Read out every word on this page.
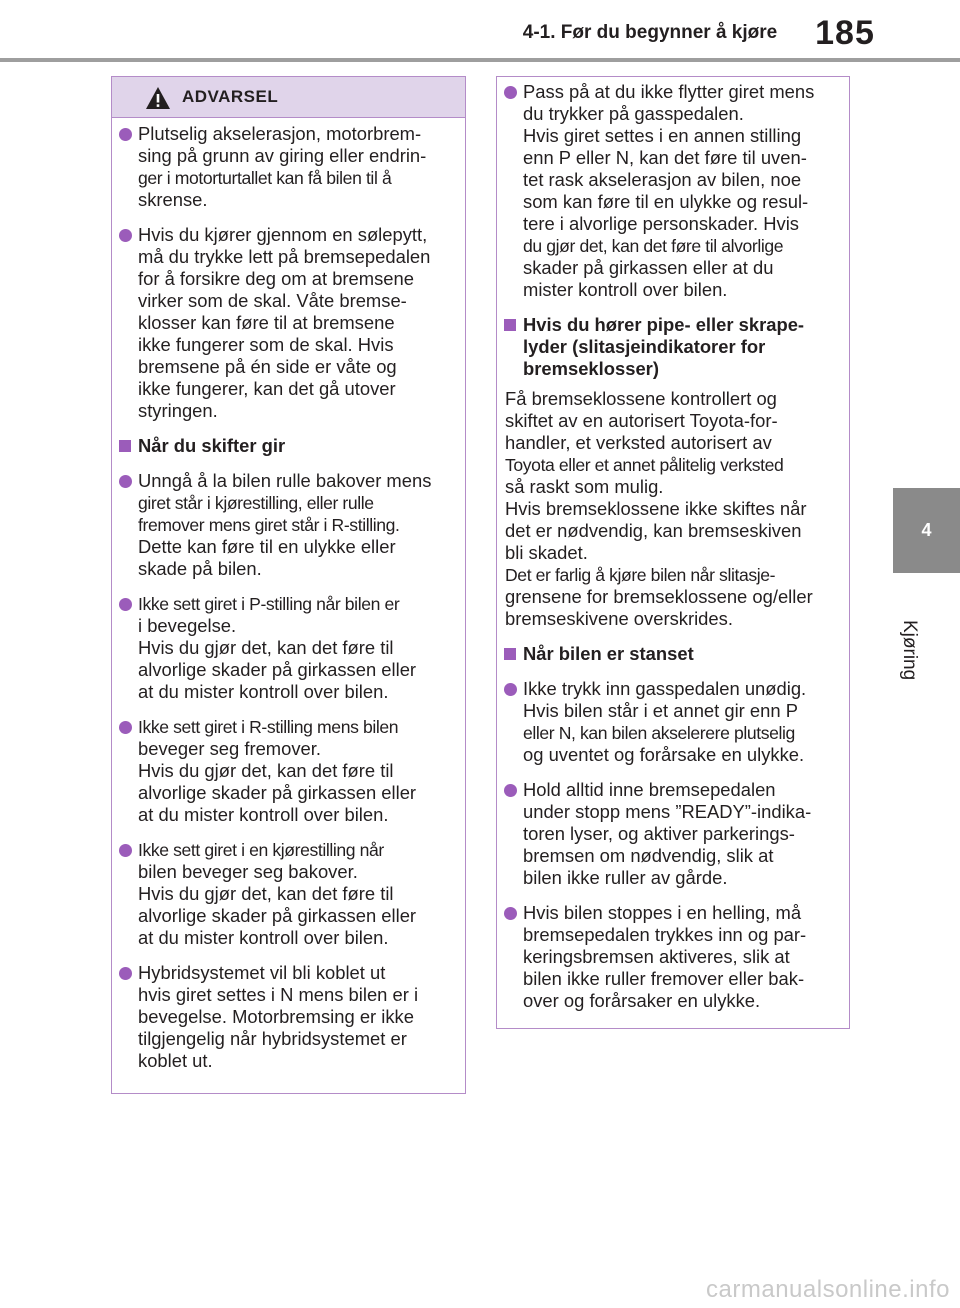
4-1. Før du begynner å kjøre	185
4
Kjøring
ADVARSEL
Plutselig akselerasjon, motorbrem-
sing på grunn av giring eller endrin-
ger i motorturtallet kan få bilen til å
skrense.
Hvis du kjører gjennom en sølepytt,
må du trykke lett på bremsepedalen
for å forsikre deg om at bremsene
virker som de skal. Våte bremse-
klosser kan føre til at bremsene
ikke fungerer som de skal. Hvis
bremsene på én side er våte og
ikke fungerer, kan det gå utover
styringen.
Når du skifter gir
Unngå å la bilen rulle bakover mens
giret står i kjørestilling, eller rulle
fremover mens giret står i R-stilling.
Dette kan føre til en ulykke eller
skade på bilen.
Ikke sett giret i P-stilling når bilen er
i bevegelse.
Hvis du gjør det, kan det føre til
alvorlige skader på girkassen eller
at du mister kontroll over bilen.
Ikke sett giret i R-stilling mens bilen
beveger seg fremover.
Hvis du gjør det, kan det føre til
alvorlige skader på girkassen eller
at du mister kontroll over bilen.
Ikke sett giret i en kjørestilling når
bilen beveger seg bakover.
Hvis du gjør det, kan det føre til
alvorlige skader på girkassen eller
at du mister kontroll over bilen.
Hybridsystemet vil bli koblet ut
hvis giret settes i N mens bilen er i
bevegelse. Motorbremsing er ikke
tilgjengelig når hybridsystemet er
koblet ut.
Pass på at du ikke flytter giret mens
du trykker på gasspedalen.
Hvis giret settes i en annen stilling
enn P eller N, kan det føre til uven-
tet rask akselerasjon av bilen, noe
som kan føre til en ulykke og resul-
tere i alvorlige personskader. Hvis
du gjør det, kan det føre til alvorlige
skader på girkassen eller at du
mister kontroll over bilen.
Hvis du hører pipe- eller skrape-
lyder (slitasjeindikatorer for
bremseklosser)
Få bremseklossene kontrollert og
skiftet av en autorisert Toyota-for-
handler, et verksted autorisert av
Toyota eller et annet pålitelig verksted
så raskt som mulig.
Hvis bremseklossene ikke skiftes når
det er nødvendig, kan bremseskiven
bli skadet.
Det er farlig å kjøre bilen når slitasje-
grensene for bremseklossene og/eller
bremseskivene overskrides.
Når bilen er stanset
Ikke trykk inn gasspedalen unødig.
Hvis bilen står i et annet gir enn P
eller N, kan bilen akselerere plutselig
og uventet og forårsake en ulykke.
Hold alltid inne bremsepedalen
under stopp mens ”READY”-indika-
toren lyser, og aktiver parkerings-
bremsen om nødvendig, slik at
bilen ikke ruller av gårde.
Hvis bilen stoppes i en helling, må
bremsepedalen trykkes inn og par-
keringsbremsen aktiveres, slik at
bilen ikke ruller fremover eller bak-
over og forårsaker en ulykke.
carmanualsonline.info
